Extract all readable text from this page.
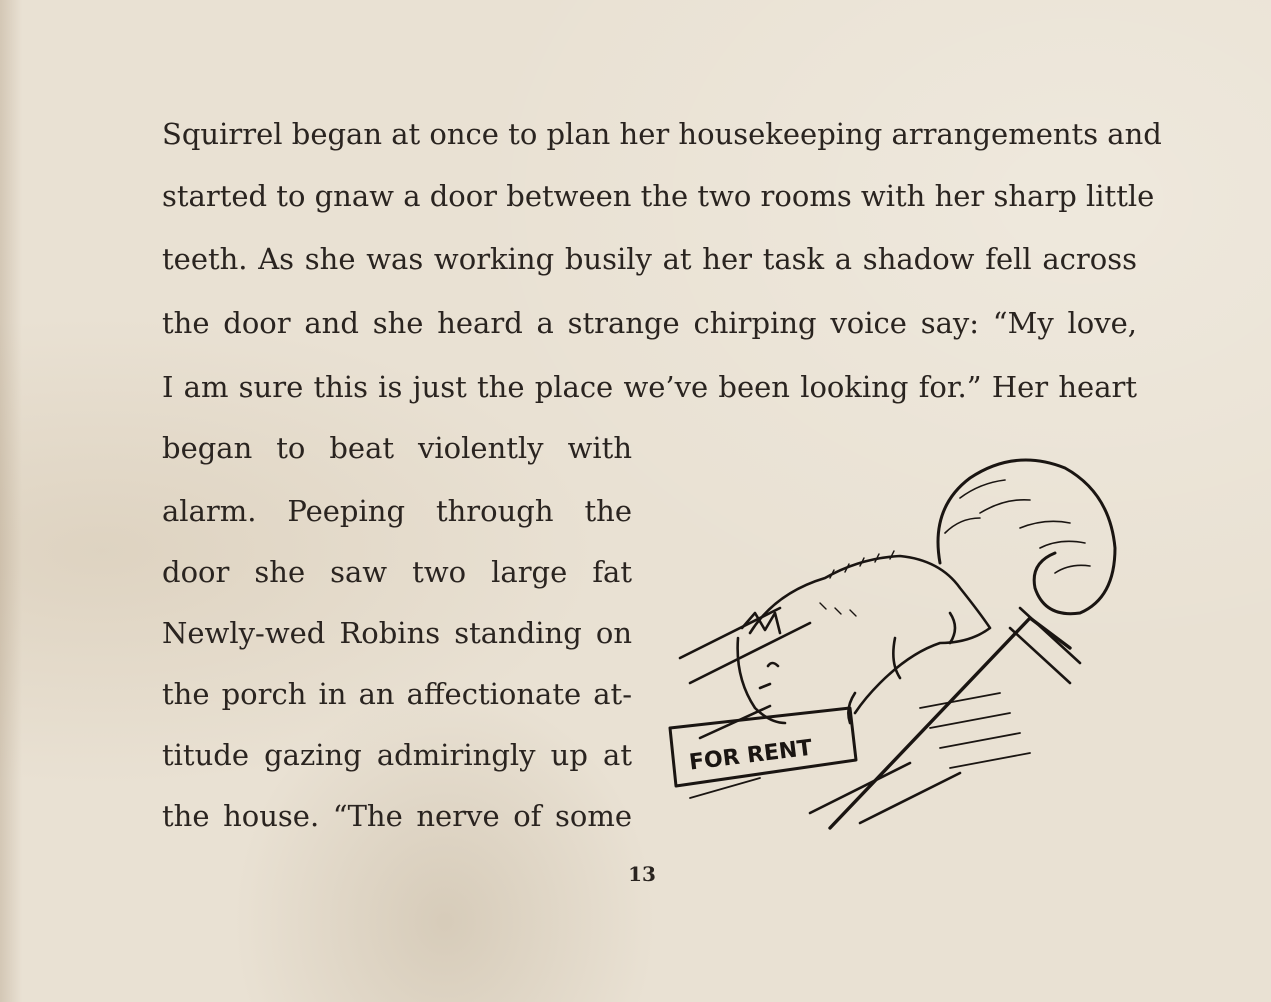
Squirrel began at once to plan her housekeeping arrangements and
started to gnaw a door between the two rooms with her sharp little
teeth. As she was working busily at her task a shadow fell across
the door and she heard a strange chirping voice say: “My love,
I am sure this is just the place we’ve been looking for.” Her heart
began to beat violently with
alarm. Peeping through the
door she saw two large fat
Newly-wed Robins standing on
the porch in an affectionate at-
titude gazing admiringly up at
the house. “The nerve of some
FOR RENT
13
